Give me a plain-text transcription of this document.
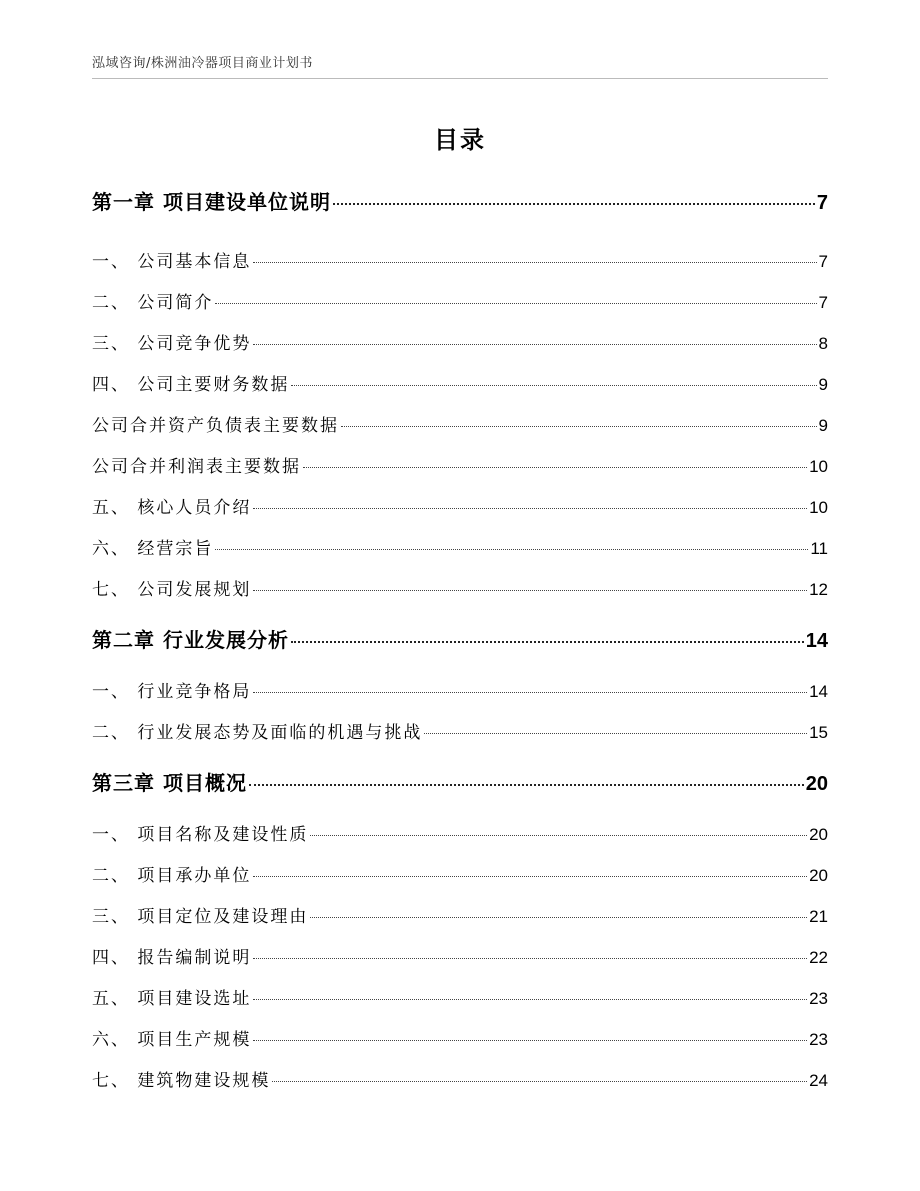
泓域咨询/株洲油冷器项目商业计划书
目录
第一章 项目建设单位说明	7
一、 公司基本信息	7
二、 公司简介	7
三、 公司竞争优势	8
四、 公司主要财务数据	9
公司合并资产负债表主要数据	9
公司合并利润表主要数据	10
五、 核心人员介绍	10
六、 经营宗旨	11
七、 公司发展规划	12
第二章 行业发展分析	14
一、 行业竞争格局	14
二、 行业发展态势及面临的机遇与挑战	15
第三章 项目概况	20
一、 项目名称及建设性质	20
二、 项目承办单位	20
三、 项目定位及建设理由	21
四、 报告编制说明	22
五、 项目建设选址	23
六、 项目生产规模	23
七、 建筑物建设规模	24
